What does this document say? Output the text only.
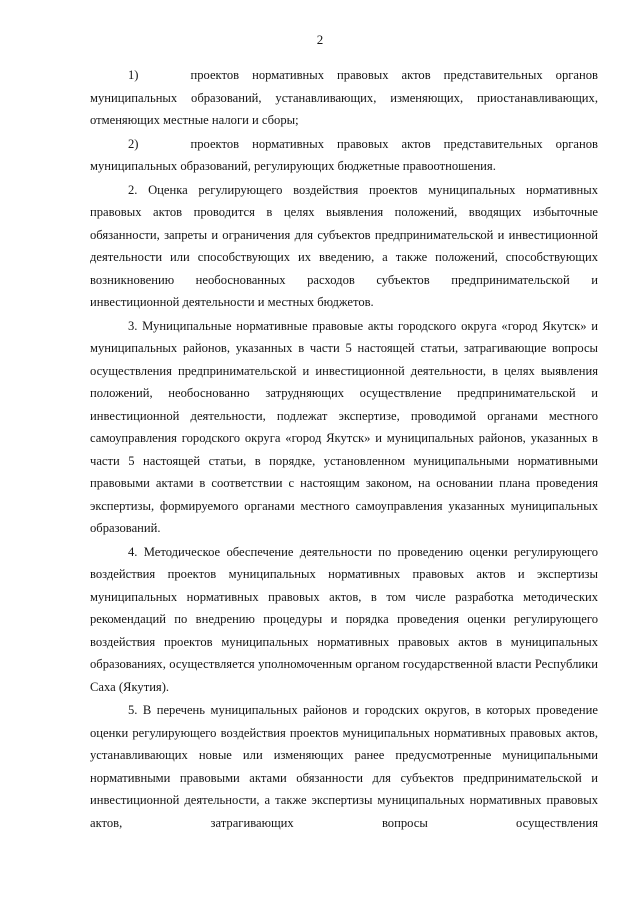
2

1)    проектов нормативных правовых актов представительных органов муниципальных образований, устанавливающих, изменяющих, приостанавливающих, отменяющих местные налоги и сборы;

2)    проектов нормативных правовых актов представительных органов муниципальных образований, регулирующих бюджетные правоотношения.

2. Оценка регулирующего воздействия проектов муниципальных нормативных правовых актов проводится в целях выявления положений, вводящих избыточные обязанности, запреты и ограничения для субъектов предпринимательской и инвестиционной деятельности или способствующих их введению, а также положений, способствующих возникновению необоснованных расходов субъектов предпринимательской и инвестиционной деятельности и местных бюджетов.

3. Муниципальные нормативные правовые акты городского округа «город Якутск» и муниципальных районов, указанных в части 5 настоящей статьи, затрагивающие вопросы осуществления предпринимательской и инвестиционной деятельности, в целях выявления положений, необоснованно затрудняющих осуществление предпринимательской и инвестиционной деятельности, подлежат экспертизе, проводимой органами местного самоуправления городского округа «город Якутск» и муниципальных районов, указанных в части 5 настоящей статьи, в порядке, установленном муниципальными нормативными правовыми актами в соответствии с настоящим законом, на основании плана проведения экспертизы, формируемого органами местного самоуправления указанных муниципальных образований.

4. Методическое обеспечение деятельности по проведению оценки регулирующего воздействия проектов муниципальных нормативных правовых актов и экспертизы муниципальных нормативных правовых актов, в том числе разработка методических рекомендаций по внедрению процедуры и порядка проведения оценки регулирующего воздействия проектов муниципальных нормативных правовых актов в муниципальных образованиях, осуществляется уполномоченным органом государственной власти Республики Саха (Якутия).

5. В перечень муниципальных районов и городских округов, в которых проведение оценки регулирующего воздействия проектов муниципальных нормативных правовых актов, устанавливающих новые или изменяющих ранее предусмотренные муниципальными нормативными правовыми актами обязанности для субъектов предпринимательской и инвестиционной деятельности, а также экспертизы муниципальных нормативных правовых актов, затрагивающих вопросы осуществления
